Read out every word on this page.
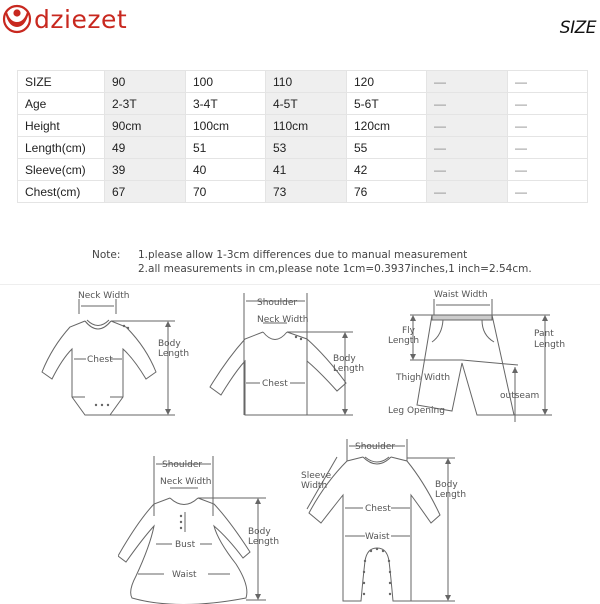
dziezet	SIZE
SIZE	90	100	110	120	—	—
Age	2-3T	3-4T	4-5T	5-6T	—	—
Height	90cm	100cm	110cm	120cm	—	—
Length(cm)	49	51	53	55	—	—
Sleeve(cm)	39	40	41	42	—	—
Chest(cm)	67	70	73	76	—	—
Note: 1.please allow 1-3cm differences due to manual measurement
2.all measurements in cm,please note 1cm=0.3937inches,1 inch=2.54cm.
Neck Width
Chest
Body
Length
Shoulder
Neck Width
Chest
Body
Length
Waist Width
Fly
Length
Pant
Length
Thigh Width
outseam
Leg Opening
Shoulder
Neck Width
Bust
Waist
Body
Length
Shoulder
Sleeve
Width
Chest
Waist
Body
Length
